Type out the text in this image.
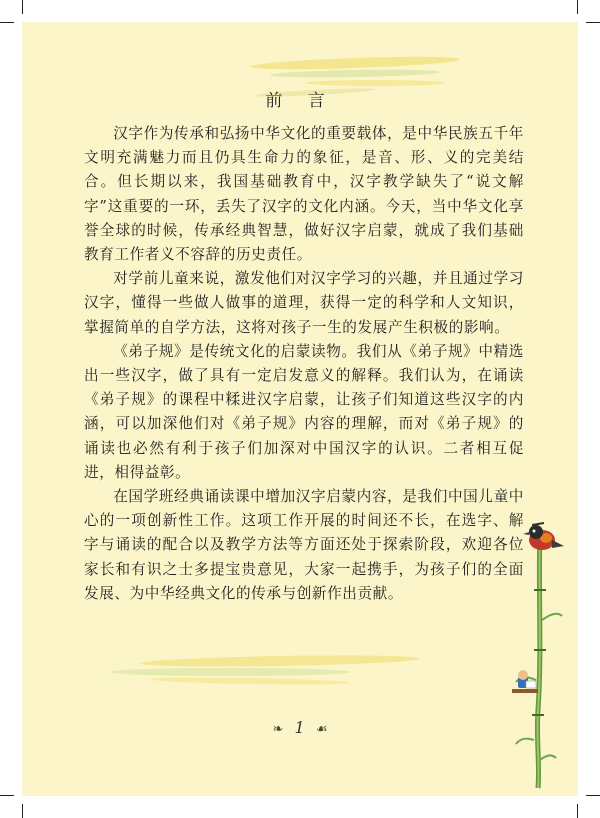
前 言

汉字作为传承和弘扬中华文化的重要载体，是中华民族五千年文明充满魅力而且仍具生命力的象征，是音、形、义的完美结合。但长期以来，我国基础教育中，汉字教学缺失了“说文解字”这重要的一环，丢失了汉字的文化内涵。今天，当中华文化享誉全球的时候，传承经典智慧，做好汉字启蒙，就成了我们基础教育工作者义不容辞的历史责任。

对学前儿童来说，激发他们对汉字学习的兴趣，并且通过学习汉字，懂得一些做人做事的道理，获得一定的科学和人文知识，掌握简单的自学方法，这将对孩子一生的发展产生积极的影响。

《弟子规》是传统文化的启蒙读物。我们从《弟子规》中精选出一些汉字，做了具有一定启发意义的解释。我们认为，在诵读《弟子规》的课程中糅进汉字启蒙，让孩子们知道这些汉字的内涵，可以加深他们对《弟子规》内容的理解，而对《弟子规》的诵读也必然有利于孩子们加深对中国汉字的认识。二者相互促进，相得益彰。

在国学班经典诵读课中增加汉字启蒙内容，是我们中国儿童中心的一项创新性工作。这项工作开展的时间还不长，在选字、解字与诵读的配合以及教学方法等方面还处于探索阶段，欢迎各位家长和有识之士多提宝贵意见，大家一起携手，为孩子们的全面发展、为中华经典文化的传承与创新作出贡献。

❧ 1 ☙
